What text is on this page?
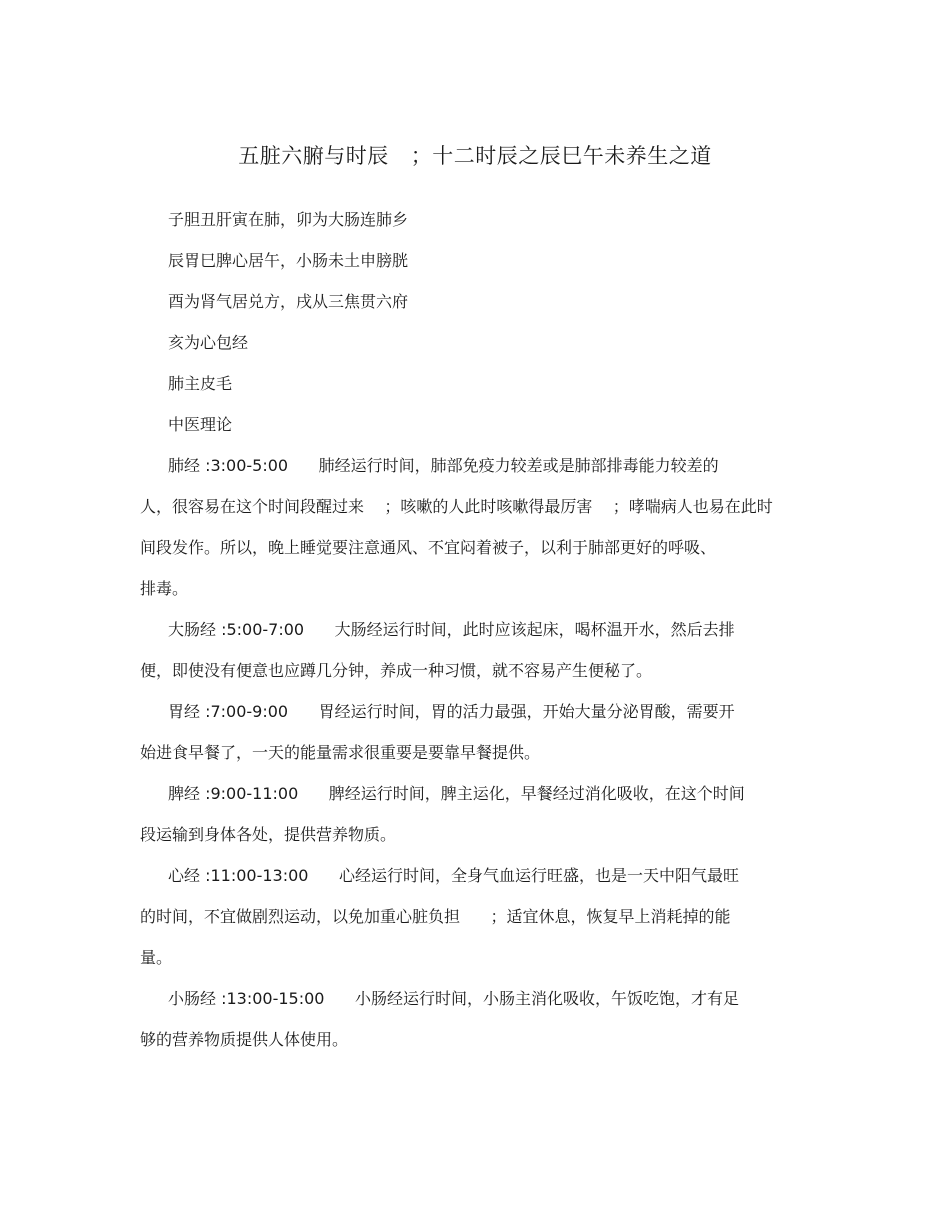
五脏六腑与时辰 ；十二时辰之辰巳午未养生之道
子胆丑肝寅在肺，卯为大肠连肺乡
辰胃巳脾心居午，小肠未土申膀胱
酉为肾气居兑方，戌从三焦贯六府
亥为心包经
肺主皮毛
中医理论
肺经 :3:00-5:00      肺经运行时间，肺部免疫力较差或是肺部排毒能力较差的
人，很容易在这个时间段醒过来    ；咳嗽的人此时咳嗽得最厉害    ；哮喘病人也易在此时
间段发作。所以，晚上睡觉要注意通风、不宜闷着被子，以利于肺部更好的呼吸、
排毒。
大肠经 :5:00-7:00      大肠经运行时间，此时应该起床，喝杯温开水，然后去排
便，即使没有便意也应蹲几分钟，养成一种习惯，就不容易产生便秘了。
胃经 :7:00-9:00      胃经运行时间，胃的活力最强，开始大量分泌胃酸，需要开
始进食早餐了，一天的能量需求很重要是要靠早餐提供。
脾经 :9:00-11:00      脾经运行时间，脾主运化，早餐经过消化吸收，在这个时间
段运输到身体各处，提供营养物质。
心经 :11:00-13:00      心经运行时间，全身气血运行旺盛，也是一天中阳气最旺
的时间，不宜做剧烈运动，以免加重心脏负担      ；适宜休息，恢复早上消耗掉的能
量。
小肠经 :13:00-15:00      小肠经运行时间，小肠主消化吸收，午饭吃饱，才有足
够的营养物质提供人体使用。
